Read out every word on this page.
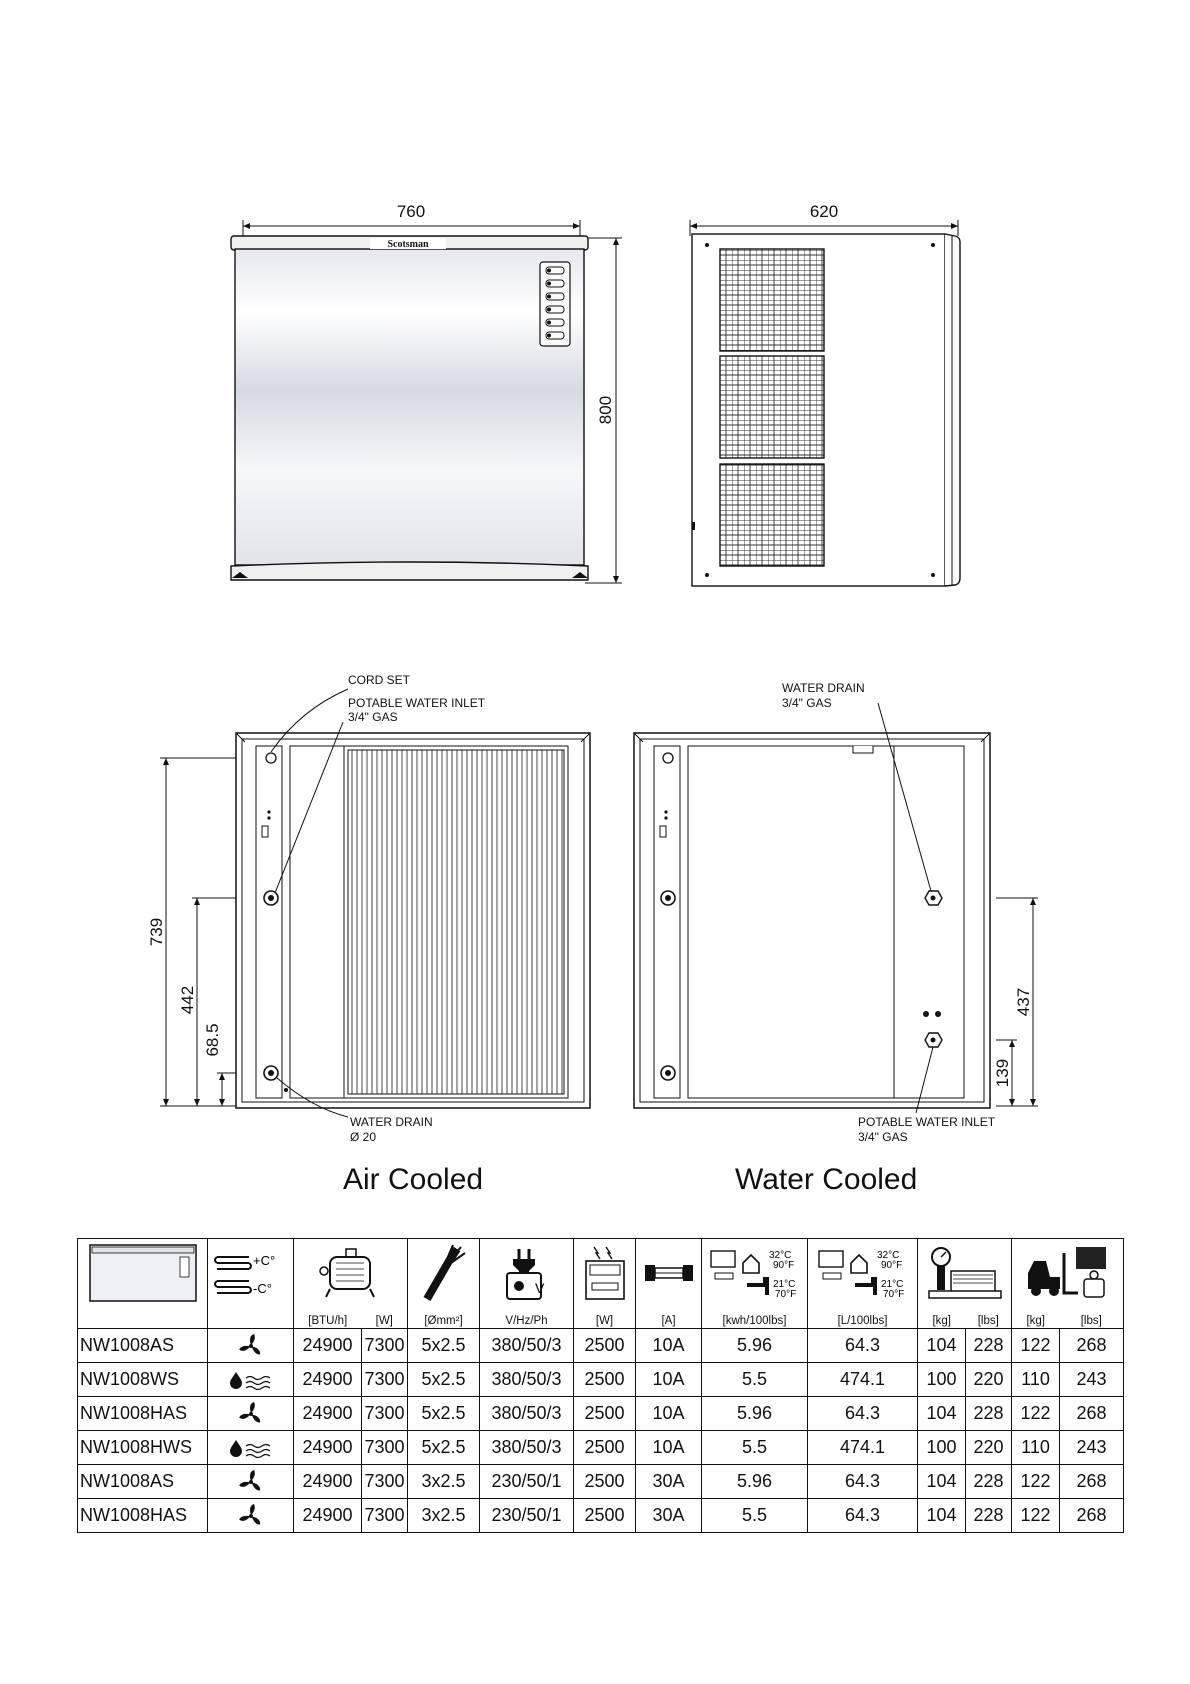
760
800
Scotsman
620
739
442
68.5
CORD SET
POTABLE WATER INLET
3/4" GAS
WATER DRAIN
Ø 20
437
139
WATER DRAIN
3/4" GAS
POTABLE WATER INLET
3/4" GAS
Air Cooled	Water Cooled

+C°
-C°				V			32°C
90°F
21°C
70°F	32°C
90°F
21°C
70°F

		[BTU/h]	[W]	[Ømm²]	V/Hz/Ph	[W]	[A]	[kwh/100lbs]	[L/100lbs]	[kg]	[lbs]	[kg]	[lbs]
NW1008AS		24900	7300	5x2.5	380/50/3	2500	10A	5.96	64.3	104	228	122	268
NW1008WS		24900	7300	5x2.5	380/50/3	2500	10A	5.5	474.1	100	220	110	243
NW1008HAS		24900	7300	5x2.5	380/50/3	2500	10A	5.96	64.3	104	228	122	268
NW1008HWS		24900	7300	5x2.5	380/50/3	2500	10A	5.5	474.1	100	220	110	243
NW1008AS		24900	7300	3x2.5	230/50/1	2500	30A	5.96	64.3	104	228	122	268
NW1008HAS		24900	7300	3x2.5	230/50/1	2500	30A	5.5	64.3	104	228	122	268
